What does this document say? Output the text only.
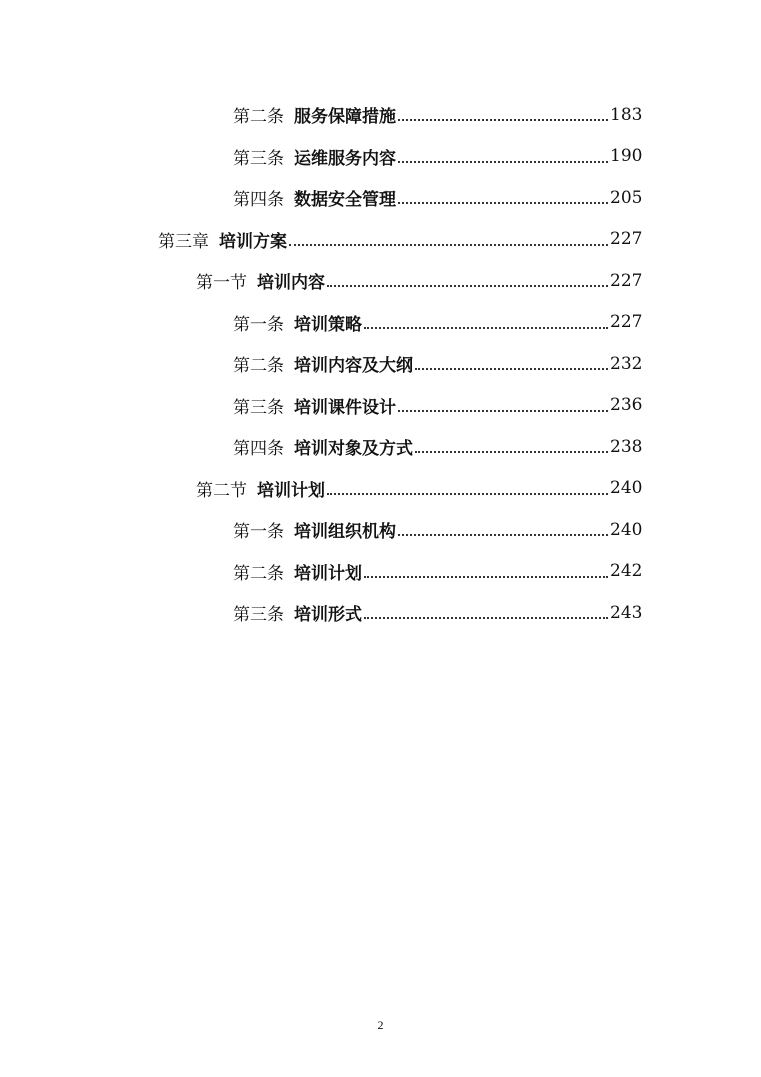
第二条 服务保障措施	183
第三条 运维服务内容	190
第四条 数据安全管理	205
第三章 培训方案	227
第一节 培训内容	227
第一条 培训策略	227
第二条 培训内容及大纲	232
第三条 培训课件设计	236
第四条 培训对象及方式	238
第二节 培训计划	240
第一条 培训组织机构	240
第二条 培训计划	242
第三条 培训形式	243
2
